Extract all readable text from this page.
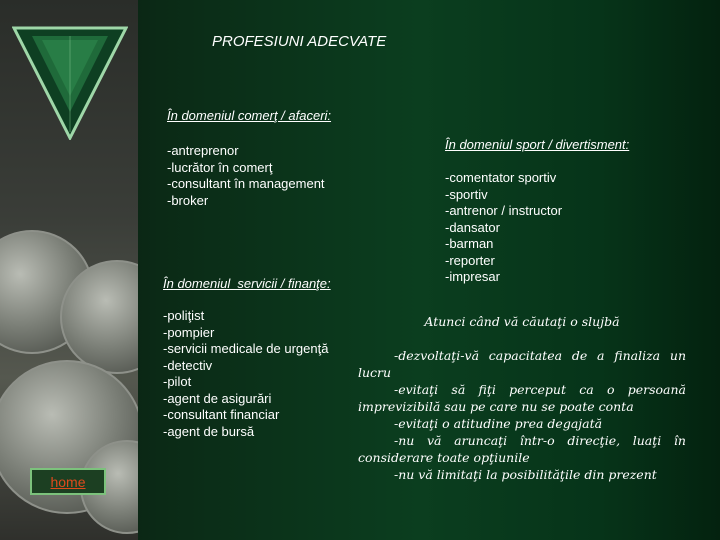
PROFESIUNI ADECVATE
În domeniul comerţ / afaceri:
-antreprenor
-lucrător în comerţ
-consultant în management
-broker
În domeniul sport / divertisment:
-comentator sportiv
-sportiv
-antrenor / instructor
-dansator
-barman
-reporter
-impresar
În domeniul  servicii / finanţe:
-poliţist
-pompier
-servicii medicale de urgenţă
-detectiv
-pilot
-agent de asigurări
-consultant financiar
-agent de bursă
Atunci când vă căutaţi o slujbă
-dezvoltaţi-vă capacitatea de a finaliza un
lucru
-evitaţi să fiţi perceput ca o persoană
imprevizibilă sau pe care nu se poate conta
-evitaţi o atitudine prea degajată
-nu vă aruncaţi într-o direcţie, luaţi în
considerare toate opţiunile
-nu vă limitaţi la posibilităţile din prezent
home
